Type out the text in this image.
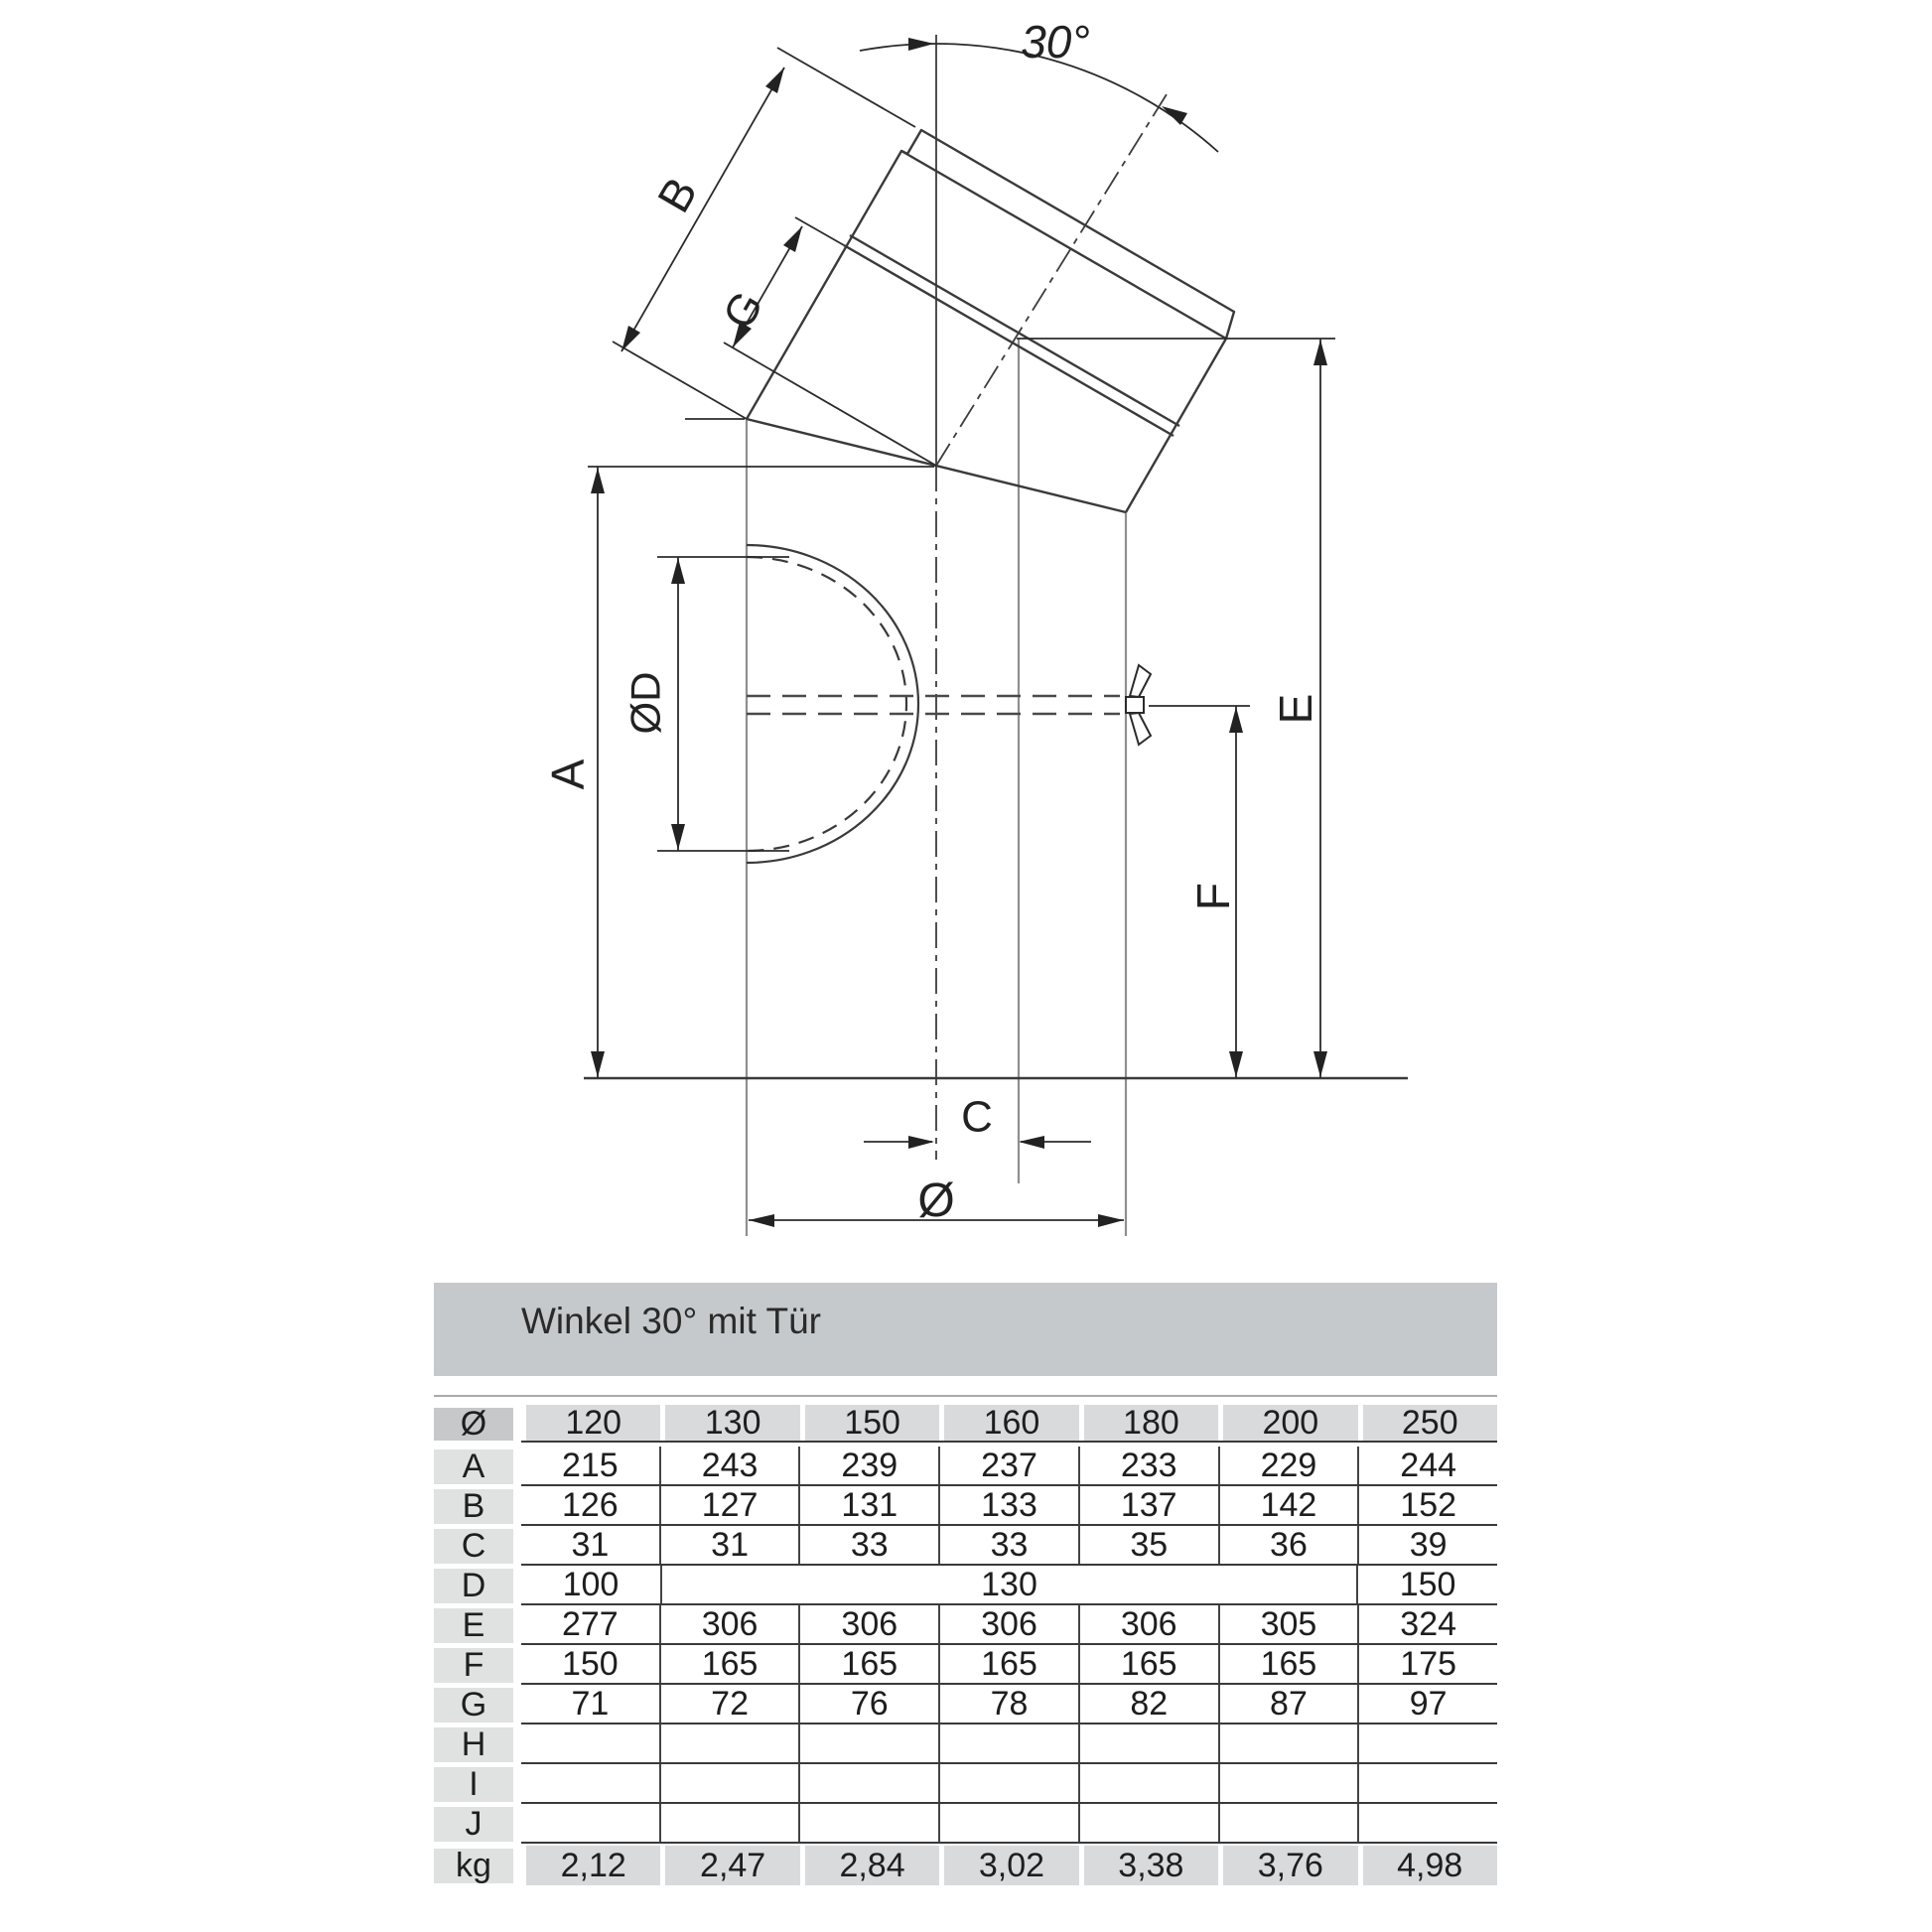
A
ØD
B
G
E
F
C
Ø
30°
Winkel 30° mit Tür
Ø	120	130	150	160	180	200	250
A	215	243	239	237	233	229	244
B	126	127	131	133	137	142	152
C	31	31	33	33	35	36	39
D	100	130	150
E	277	306	306	306	306	305	324
F	150	165	165	165	165	165	175
G	71	72	76	78	82	87	97
H
I
J
kg	2,12	2,47	2,84	3,02	3,38	3,76	4,98
